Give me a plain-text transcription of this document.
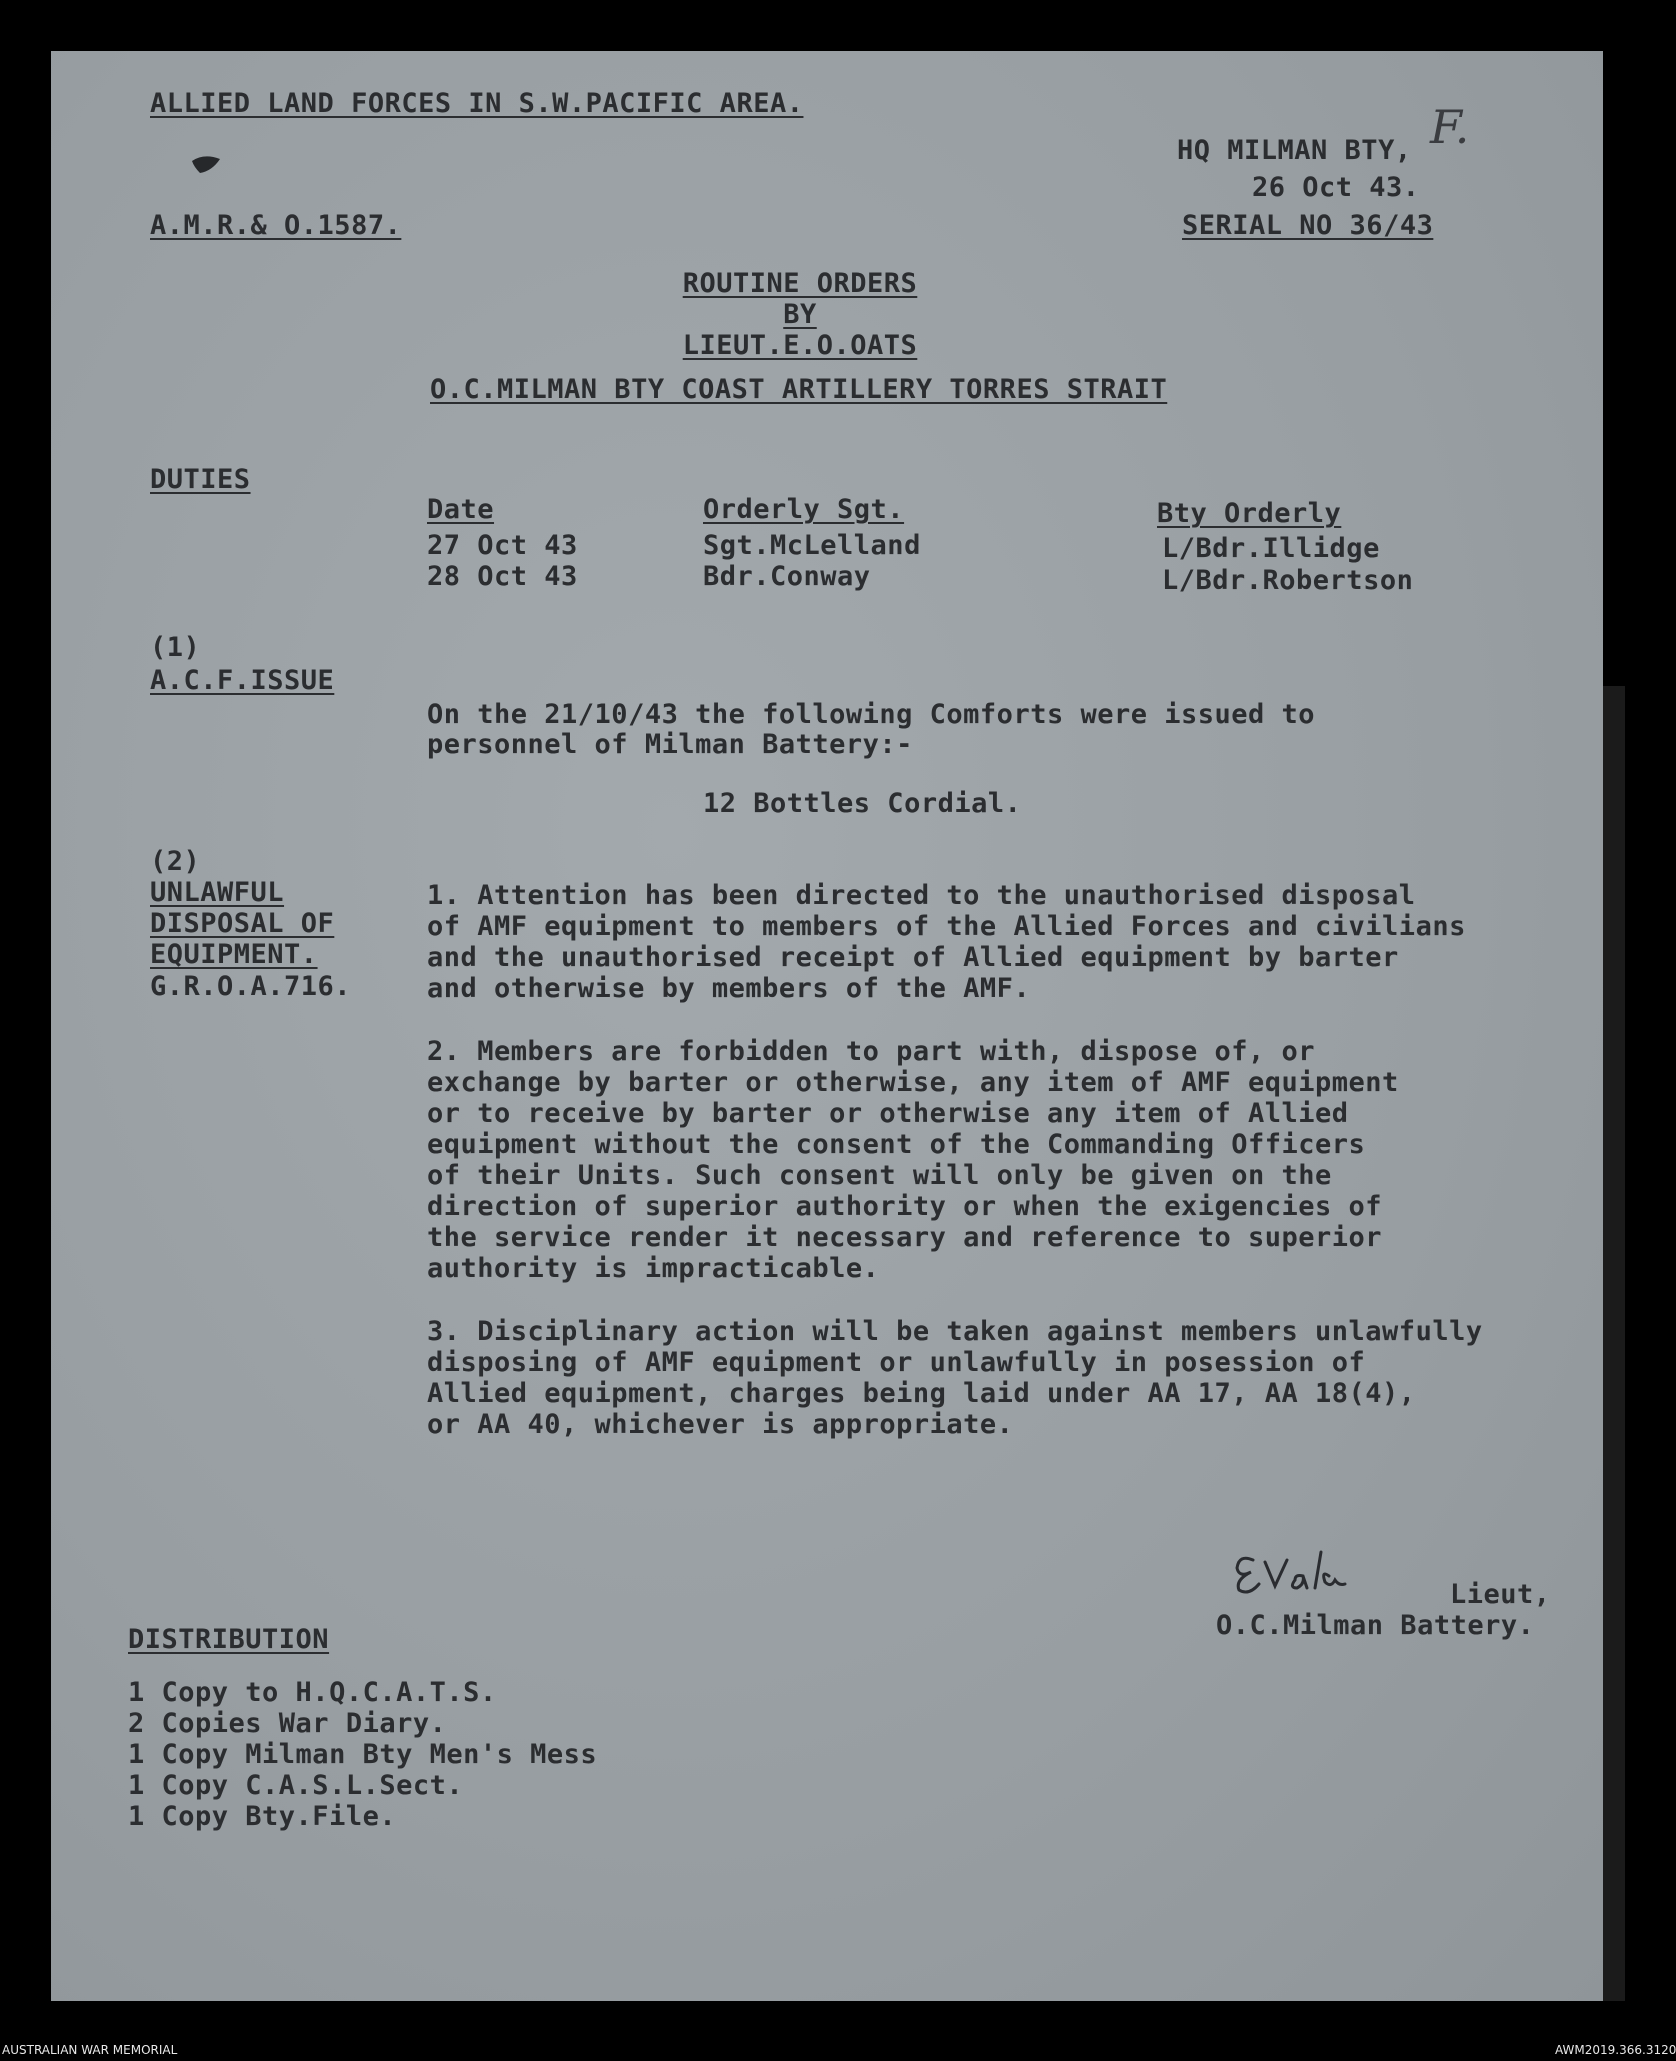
ALLIED LAND FORCES IN S.W.PACIFIC AREA.
HQ MILMAN BTY, F.
26 Oct 43.
A.M.R.& O.1587.	SERIAL NO 36/43
ROUTINE ORDERS
BY
LIEUT.E.O.OATS
O.C.MILMAN BTY COAST ARTILLERY TORRES STRAIT
DUTIES
Date	Orderly Sgt.	Bty Orderly
27 Oct 43	Sgt.McLelland	L/Bdr.Illidge
28 Oct 43	Bdr.Conway	L/Bdr.Robertson
(1)
A.C.F.ISSUE
On the 21/10/43 the following Comforts were issued to
personnel of Milman Battery:-
12 Bottles Cordial.
(2)
UNLAWFUL
DISPOSAL OF
EQUIPMENT.
G.R.O.A.716.
1. Attention has been directed to the unauthorised disposal
of AMF equipment to members of the Allied Forces and civilians
and the unauthorised receipt of Allied equipment by barter
and otherwise by members of the AMF.
2. Members are forbidden to part with, dispose of, or
exchange by barter or otherwise, any item of AMF equipment
or to receive by barter or otherwise any item of Allied
equipment without the consent of the Commanding Officers
of their Units. Such consent will only be given on the
direction of superior authority or when the exigencies of
the service render it necessary and reference to superior
authority is impracticable.
3. Disciplinary action will be taken against members unlawfully
disposing of AMF equipment or unlawfully in posession of
Allied equipment, charges being laid under AA 17, AA 18(4),
or AA 40, whichever is appropriate.
Lieut,
O.C.Milman Battery.
DISTRIBUTION
1 Copy to H.Q.C.A.T.S.
2 Copies War Diary.
1 Copy Milman Bty Men's Mess
1 Copy C.A.S.L.Sect.
1 Copy Bty.File.
AUSTRALIAN WAR MEMORIAL	AWM2019.366.3120
